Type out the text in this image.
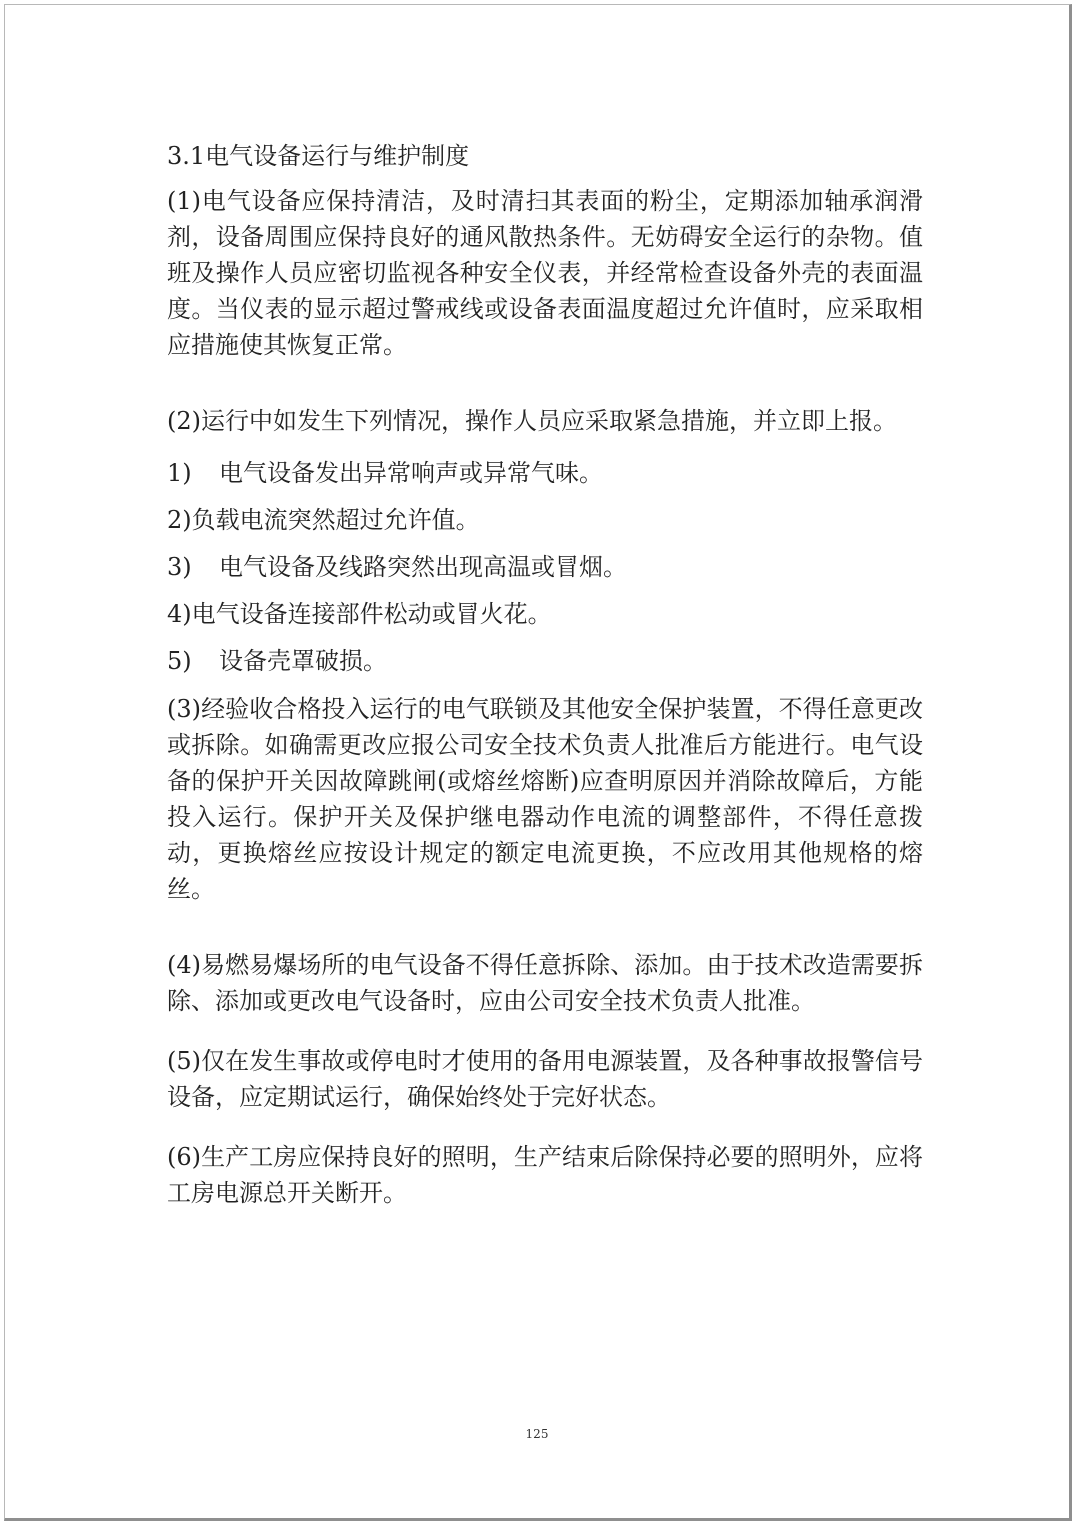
3.1电气设备运行与维护制度

(1)电气设备应保持清洁，及时清扫其表面的粉尘，定期添加轴承润滑剂，设备周围应保持良好的通风散热条件。无妨碍安全运行的杂物。值班及操作人员应密切监视各种安全仪表，并经常检查设备外壳的表面温度。当仪表的显示超过警戒线或设备表面温度超过允许值时，应采取相应措施使其恢复正常。

(2)运行中如发生下列情况，操作人员应采取紧急措施，并立即上报。

1) 电气设备发出异常响声或异常气味。
2)负载电流突然超过允许值。
3) 电气设备及线路突然出现高温或冒烟。
4)电气设备连接部件松动或冒火花。
5) 设备壳罩破损。

(3)经验收合格投入运行的电气联锁及其他安全保护装置，不得任意更改或拆除。如确需更改应报公司安全技术负责人批准后方能进行。电气设备的保护开关因故障跳闸(或熔丝熔断)应查明原因并消除故障后，方能投入运行。保护开关及保护继电器动作电流的调整部件，不得任意拨动，更换熔丝应按设计规定的额定电流更换，不应改用其他规格的熔丝。

(4)易燃易爆场所的电气设备不得任意拆除、添加。由于技术改造需要拆除、添加或更改电气设备时，应由公司安全技术负责人批准。

(5)仅在发生事故或停电时才使用的备用电源装置，及各种事故报警信号设备，应定期试运行，确保始终处于完好状态。

(6)生产工房应保持良好的照明，生产结束后除保持必要的照明外，应将工房电源总开关断开。

125
